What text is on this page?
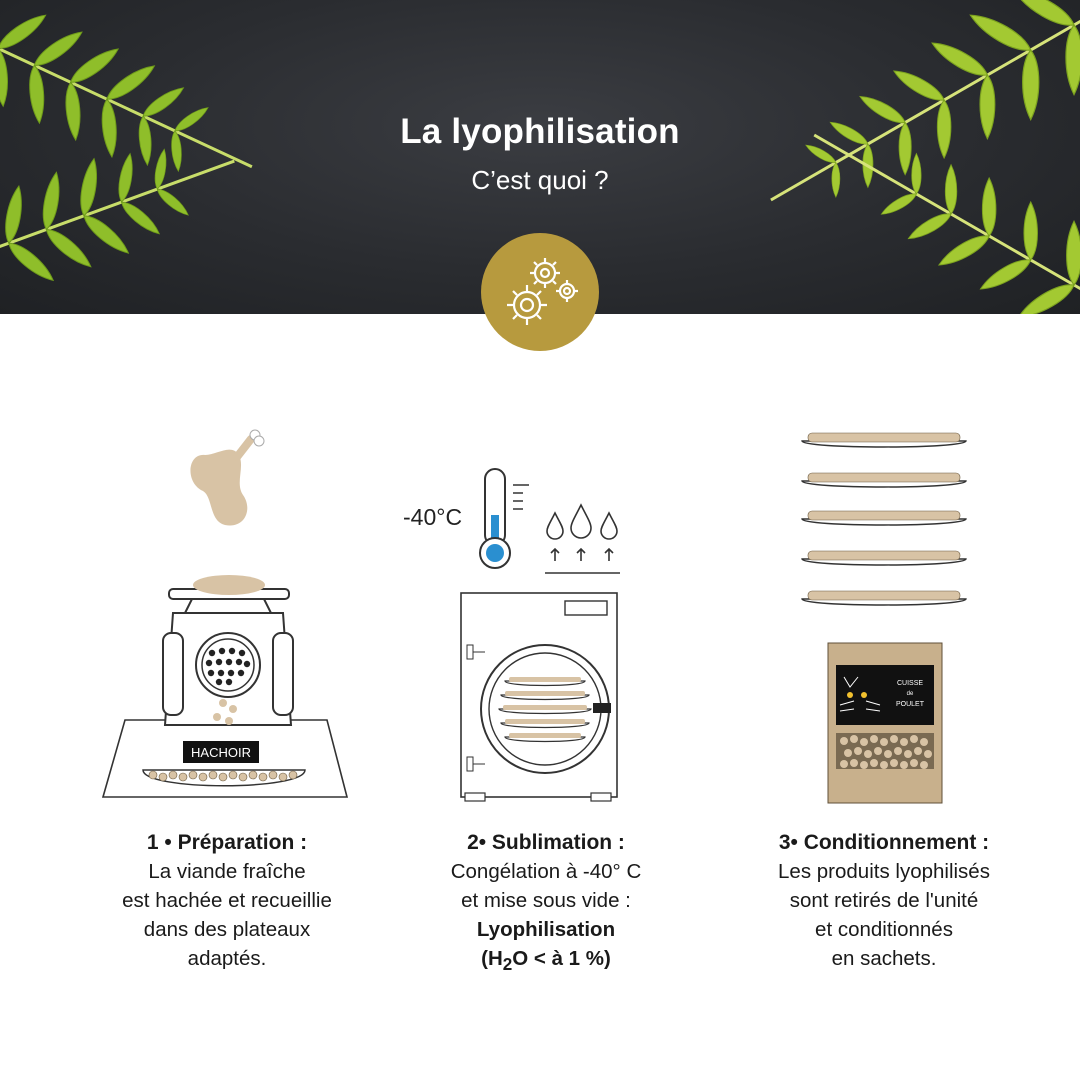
La lyophilisation
C’est quoi ?
HACHOIR
-40°C
CUISSE
de
POULET
1 • Préparation :
La viande fraîche
est hachée et recueillie
dans des plateaux
adaptés.
2• Sublimation :
Congélation à -40° C
et mise sous vide :
Lyophilisation
($H_2O$ < à 1 %)
3• Conditionnement :
Les produits lyophilisés
sont retirés de l'unité
et conditionnés
en sachets.
